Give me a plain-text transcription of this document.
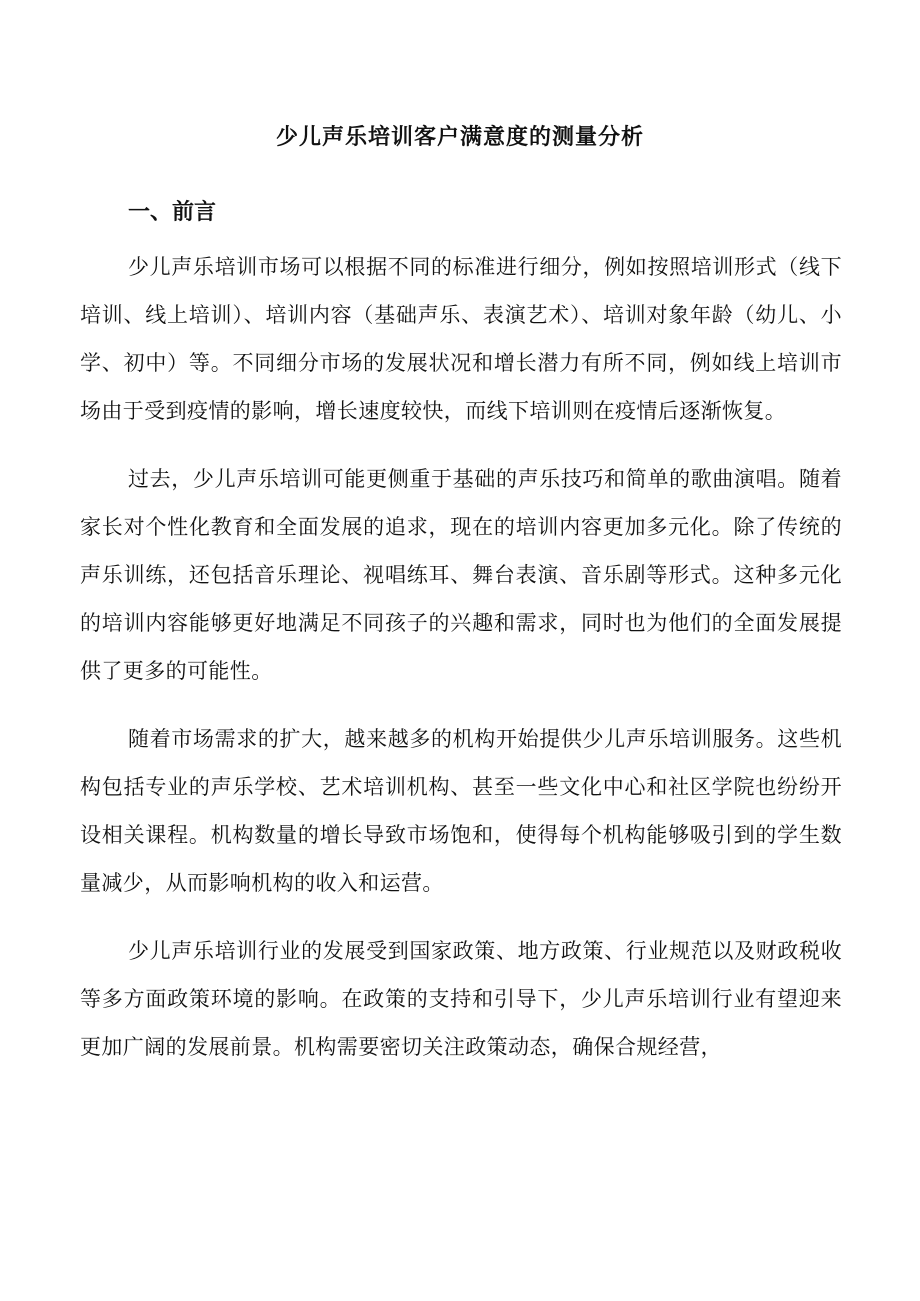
少儿声乐培训客户满意度的测量分析
一、前言

少儿声乐培训市场可以根据不同的标准进行细分，例如按照培训形式（线下培训、线上培训）、培训内容（基础声乐、表演艺术）、培训对象年龄（幼儿、小学、初中）等。不同细分市场的发展状况和增长潜力有所不同，例如线上培训市场由于受到疫情的影响，增长速度较快，而线下培训则在疫情后逐渐恢复。

过去，少儿声乐培训可能更侧重于基础的声乐技巧和简单的歌曲演唱。随着家长对个性化教育和全面发展的追求，现在的培训内容更加多元化。除了传统的声乐训练，还包括音乐理论、视唱练耳、舞台表演、音乐剧等形式。这种多元化的培训内容能够更好地满足不同孩子的兴趣和需求，同时也为他们的全面发展提供了更多的可能性。

随着市场需求的扩大，越来越多的机构开始提供少儿声乐培训服务。这些机构包括专业的声乐学校、艺术培训机构、甚至一些文化中心和社区学院也纷纷开设相关课程。机构数量的增长导致市场饱和，使得每个机构能够吸引到的学生数量减少，从而影响机构的收入和运营。

少儿声乐培训行业的发展受到国家政策、地方政策、行业规范以及财政税收等多方面政策环境的影响。在政策的支持和引导下，少儿声乐培训行业有望迎来更加广阔的发展前景。机构需要密切关注政策动态，确保合规经营，
